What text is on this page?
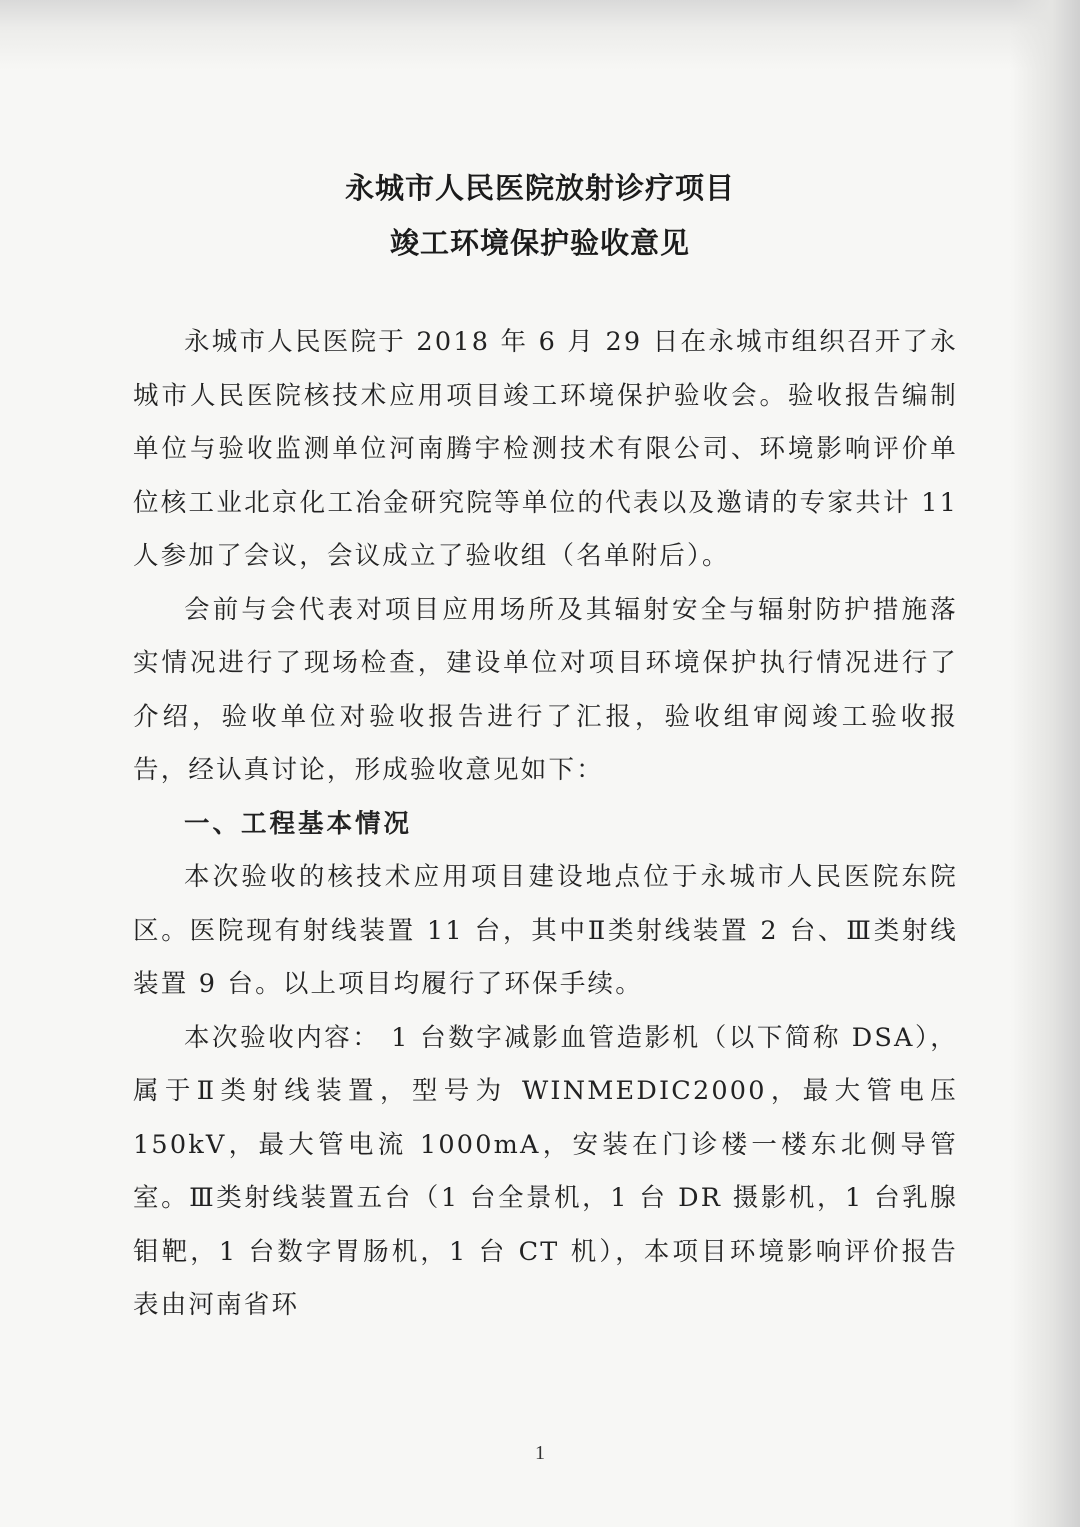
永城市人民医院放射诊疗项目
竣工环境保护验收意见

永城市人民医院于 2018 年 6 月 29 日在永城市组织召开了永城市人民医院核技术应用项目竣工环境保护验收会。验收报告编制单位与验收监测单位河南腾宇检测技术有限公司、环境影响评价单位核工业北京化工冶金研究院等单位的代表以及邀请的专家共计 11 人参加了会议，会议成立了验收组（名单附后）。

会前与会代表对项目应用场所及其辐射安全与辐射防护措施落实情况进行了现场检查，建设单位对项目环境保护执行情况进行了介绍，验收单位对验收报告进行了汇报，验收组审阅竣工验收报告，经认真讨论，形成验收意见如下：

一、工程基本情况

本次验收的核技术应用项目建设地点位于永城市人民医院东院区。医院现有射线装置 11 台，其中Ⅱ类射线装置 2 台、Ⅲ类射线装置 9 台。以上项目均履行了环保手续。

本次验收内容： 1 台数字减影血管造影机（以下简称 DSA），属于Ⅱ类射线装置，型号为 WINMEDIC2000，最大管电压 150kV，最大管电流 1000mA，安装在门诊楼一楼东北侧导管室。Ⅲ类射线装置五台（1 台全景机，1 台 DR 摄影机，1 台乳腺钼靶，1 台数字胃肠机，1 台 CT 机），本项目环境影响评价报告表由河南省环

1
